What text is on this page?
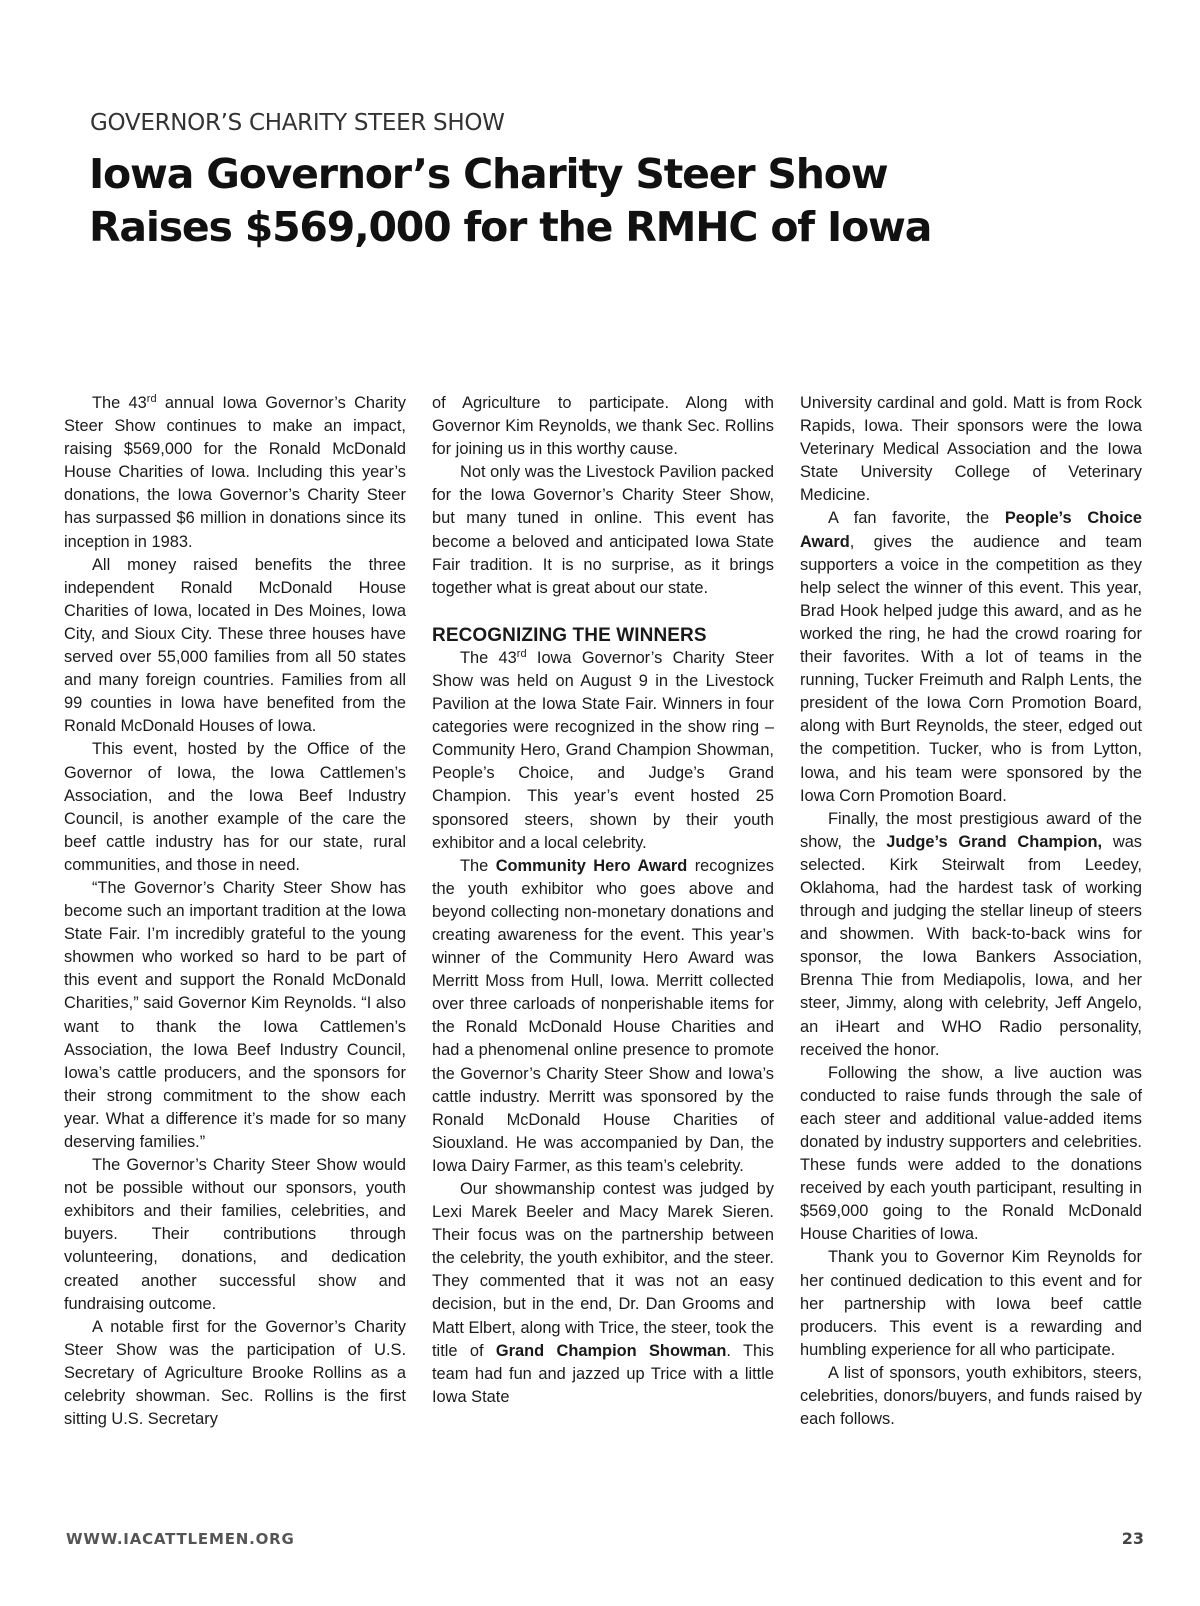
GOVERNOR’S CHARITY STEER SHOW
Iowa Governor’s Charity Steer Show
Raises $569,000 for the RMHC of Iowa

The 43rd annual Iowa Governor’s Charity Steer Show continues to make an impact, raising $569,000 for the Ronald McDonald House Charities of Iowa. Including this year’s donations, the Iowa Governor’s Charity Steer has surpassed $6 million in donations since its inception in 1983.

All money raised benefits the three independent Ronald McDonald House Charities of Iowa, located in Des Moines, Iowa City, and Sioux City. These three houses have served over 55,000 families from all 50 states and many foreign countries. Families from all 99 counties in Iowa have benefited from the Ronald McDonald Houses of Iowa.

This event, hosted by the Office of the Governor of Iowa, the Iowa Cattlemen’s Association, and the Iowa Beef Industry Council, is another example of the care the beef cattle industry has for our state, rural communities, and those in need.

“The Governor’s Charity Steer Show has become such an important tradition at the Iowa State Fair. I’m incredibly grateful to the young showmen who worked so hard to be part of this event and support the Ronald McDonald Charities,” said Governor Kim Reynolds. “I also want to thank the Iowa Cattlemen’s Association, the Iowa Beef Industry Council, Iowa’s cattle producers, and the sponsors for their strong commitment to the show each year. What a difference it’s made for so many deserving families.”

The Governor’s Charity Steer Show would not be possible without our sponsors, youth exhibitors and their families, celebrities, and buyers. Their contributions through volunteering, donations, and dedication created another successful show and fundraising outcome.

A notable first for the Governor’s Charity Steer Show was the participation of U.S. Secretary of Agriculture Brooke Rollins as a celebrity showman. Sec. Rollins is the first sitting U.S. Secretary

of Agriculture to participate. Along with Governor Kim Reynolds, we thank Sec. Rollins for joining us in this worthy cause.

Not only was the Livestock Pavilion packed for the Iowa Governor’s Charity Steer Show, but many tuned in online. This event has become a beloved and anticipated Iowa State Fair tradition. It is no surprise, as it brings together what is great about our state.

RECOGNIZING THE WINNERS

The 43rd Iowa Governor’s Charity Steer Show was held on August 9 in the Livestock Pavilion at the Iowa State Fair. Winners in four categories were recognized in the show ring – Community Hero, Grand Champion Showman, People’s Choice, and Judge’s Grand Champion. This year’s event hosted 25 sponsored steers, shown by their youth exhibitor and a local celebrity.

The Community Hero Award recognizes the youth exhibitor who goes above and beyond collecting non-monetary donations and creating awareness for the event. This year’s winner of the Community Hero Award was Merritt Moss from Hull, Iowa. Merritt collected over three carloads of nonperishable items for the Ronald McDonald House Charities and had a phenomenal online presence to promote the Governor’s Charity Steer Show and Iowa’s cattle industry. Merritt was sponsored by the Ronald McDonald House Charities of Siouxland. He was accompanied by Dan, the Iowa Dairy Farmer, as this team’s celebrity.

Our showmanship contest was judged by Lexi Marek Beeler and Macy Marek Sieren. Their focus was on the partnership between the celebrity, the youth exhibitor, and the steer. They commented that it was not an easy decision, but in the end, Dr. Dan Grooms and Matt Elbert, along with Trice, the steer, took the title of Grand Champion Showman. This team had fun and jazzed up Trice with a little Iowa State

University cardinal and gold. Matt is from Rock Rapids, Iowa. Their sponsors were the Iowa Veterinary Medical Association and the Iowa State University College of Veterinary Medicine.

A fan favorite, the People’s Choice Award, gives the audience and team supporters a voice in the competition as they help select the winner of this event. This year, Brad Hook helped judge this award, and as he worked the ring, he had the crowd roaring for their favorites. With a lot of teams in the running, Tucker Freimuth and Ralph Lents, the president of the Iowa Corn Promotion Board, along with Burt Reynolds, the steer, edged out the competition. Tucker, who is from Lytton, Iowa, and his team were sponsored by the Iowa Corn Promotion Board.

Finally, the most prestigious award of the show, the Judge’s Grand Champion, was selected. Kirk Steirwalt from Leedey, Oklahoma, had the hardest task of working through and judging the stellar lineup of steers and showmen. With back-to-back wins for sponsor, the Iowa Bankers Association, Brenna Thie from Mediapolis, Iowa, and her steer, Jimmy, along with celebrity, Jeff Angelo, an iHeart and WHO Radio personality, received the honor.

Following the show, a live auction was conducted to raise funds through the sale of each steer and additional value-added items donated by industry supporters and celebrities. These funds were added to the donations received by each youth participant, resulting in $569,000 going to the Ronald McDonald House Charities of Iowa.

Thank you to Governor Kim Reynolds for her continued dedication to this event and for her partnership with Iowa beef cattle producers. This event is a rewarding and humbling experience for all who participate.

A list of sponsors, youth exhibitors, steers, celebrities, donors/buyers, and funds raised by each follows.

WWW.IACATTLEMEN.ORG	23
